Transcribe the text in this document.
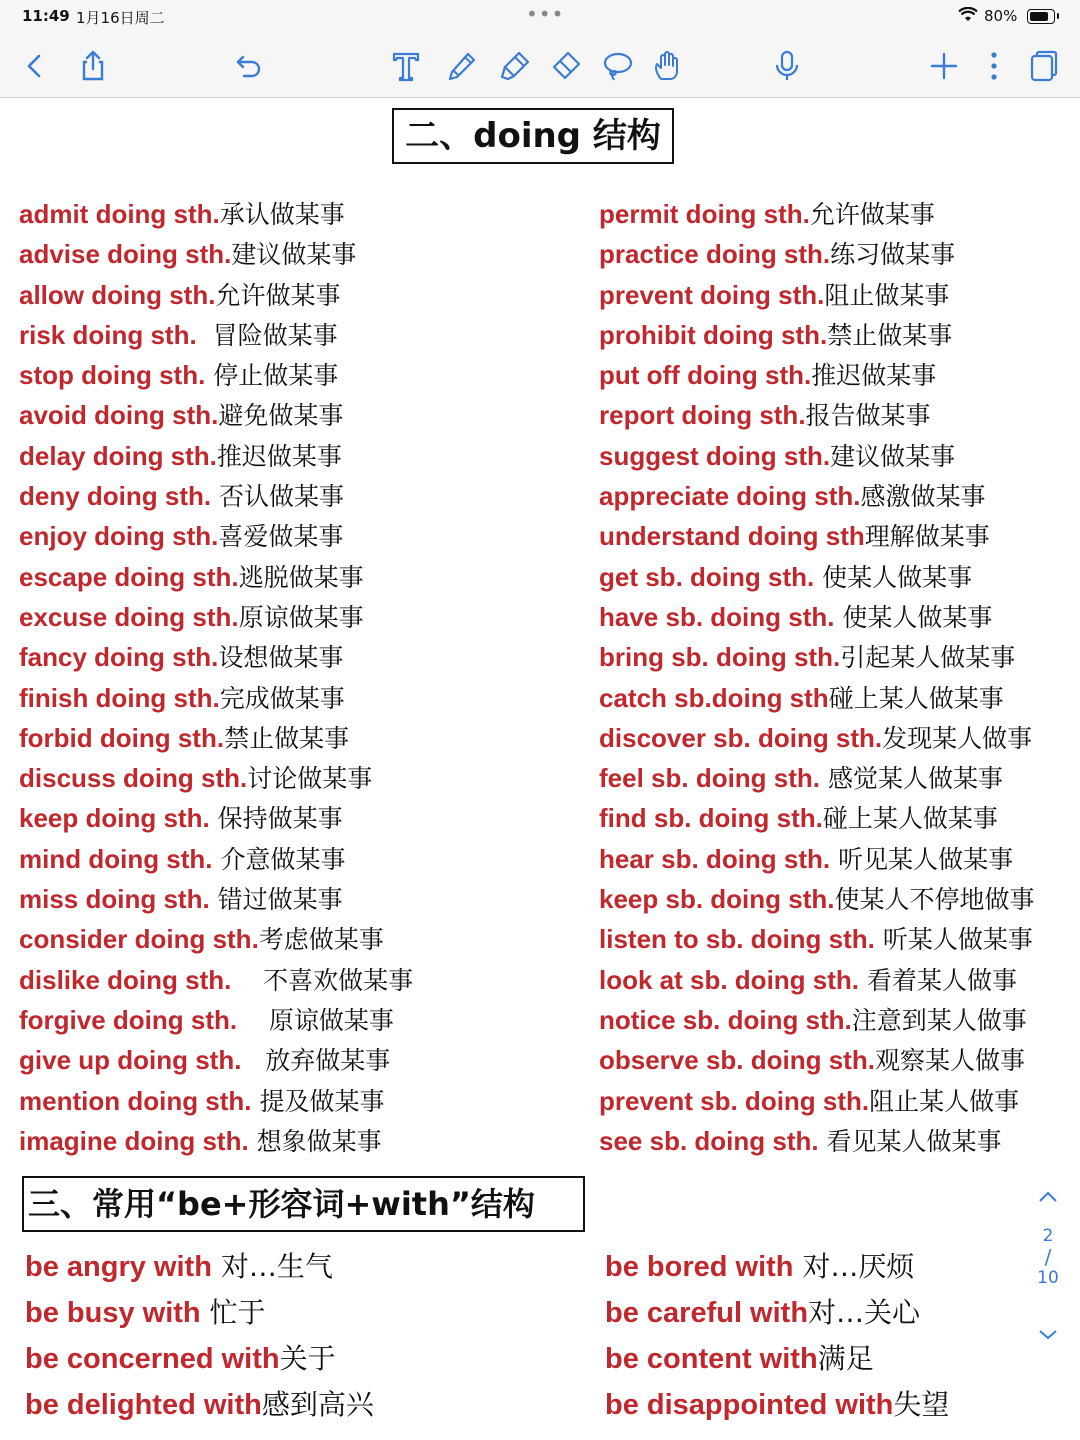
11:49 1月16日周二	•••	80%
二、doing 结构
admit doing sth.承认做某事
advise doing sth.建议做某事
allow doing sth.允许做某事
risk doing sth.  冒险做某事
stop doing sth. 停止做某事
avoid doing sth.避免做某事
delay doing sth.推迟做某事
deny doing sth. 否认做某事
enjoy doing sth.喜爱做某事
escape doing sth.逃脱做某事
excuse doing sth.原谅做某事
fancy doing sth.设想做某事
finish doing sth.完成做某事
forbid doing sth.禁止做某事
discuss doing sth.讨论做某事
keep doing sth. 保持做某事
mind doing sth. 介意做某事
miss doing sth. 错过做某事
consider doing sth.考虑做某事
dislike doing sth.    不喜欢做某事
forgive doing sth.    原谅做某事
give up doing sth.   放弃做某事
mention doing sth. 提及做某事
imagine doing sth. 想象做某事
permit doing sth.允许做某事
practice doing sth.练习做某事
prevent doing sth.阻止做某事
prohibit doing sth.禁止做某事
put off doing sth.推迟做某事
report doing sth.报告做某事
suggest doing sth.建议做某事
appreciate doing sth.感激做某事
understand doing sth理解做某事
get sb. doing sth. 使某人做某事
have sb. doing sth. 使某人做某事
bring sb. doing sth.引起某人做某事
catch sb.doing sth碰上某人做某事
discover sb. doing sth.发现某人做事
feel sb. doing sth. 感觉某人做某事
find sb. doing sth.碰上某人做某事
hear sb. doing sth. 听见某人做某事
keep sb. doing sth.使某人不停地做事
listen to sb. doing sth. 听某人做某事
look at sb. doing sth. 看着某人做事
notice sb. doing sth.注意到某人做事
observe sb. doing sth.观察某人做事
prevent sb. doing sth.阻止某人做事
see sb. doing sth. 看见某人做某事
三、常用“be+形容词+with”结构
be angry with 对…生气
be busy with 忙于
be concerned with关于
be delighted with感到高兴
be bored with 对…厌烦
be careful with对…关心
be content with满足
be disappointed with失望
2
/
10
